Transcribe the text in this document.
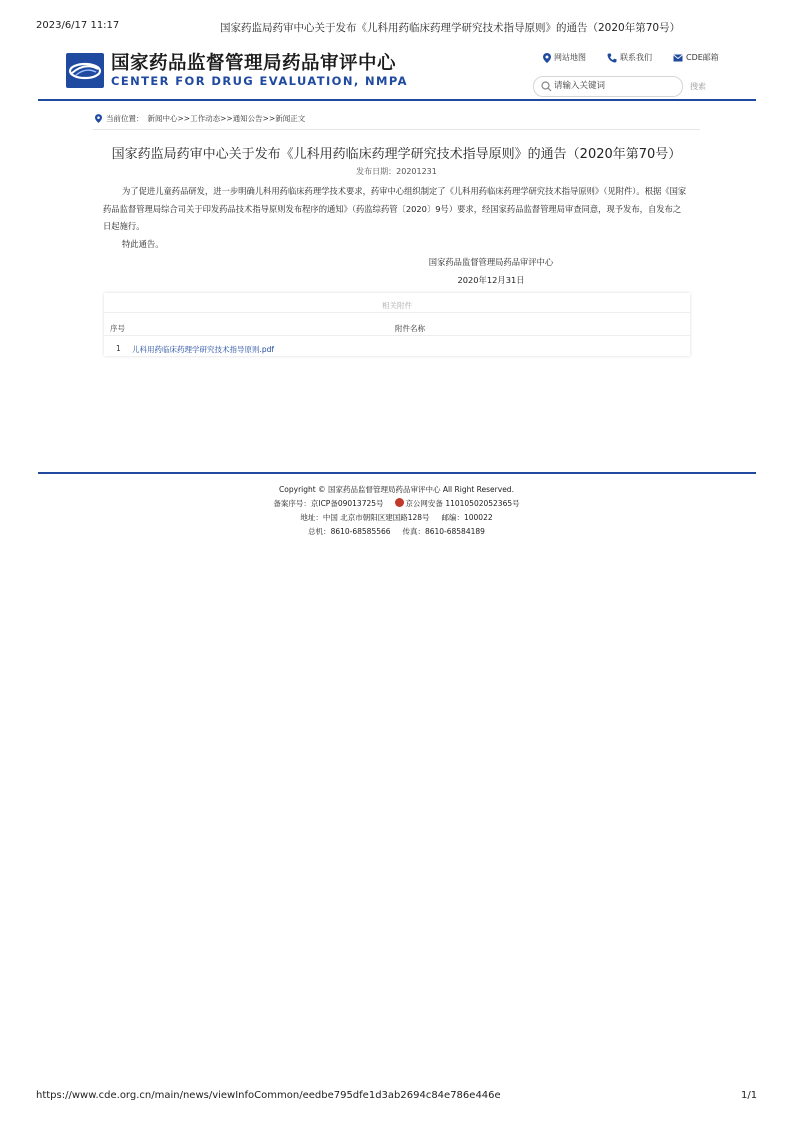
2023/6/17 11:17	国家药监局药审中心关于发布《儿科用药临床药理学研究技术指导原则》的通告（2020年第70号）
国家药品监督管理局药品审评中心
CENTER FOR DRUG EVALUATION, NMPA
网站地图	联系我们	CDE邮箱
请输入关键词
搜索
当前位置： 新闻中心>>工作动态>>通知公告>>新闻正文
国家药监局药审中心关于发布《儿科用药临床药理学研究技术指导原则》的通告（2020年第70号）
发布日期：20201231

为了促进儿童药品研发，进一步明确儿科用药临床药理学技术要求，药审中心组织制定了《儿科用药临床药理学研究技术指导原则》（见附件）。根据《国家药品监督管理局综合司关于印发药品技术指导原则发布程序的通知》（药监综药管〔2020〕9号）要求，经国家药品监督管理局审查同意，现予发布，自发布之日起施行。

特此通告。

国家药品监督管理局药品审评中心
2020年12月31日
相关附件
序号	附件名称
1 儿科用药临床药理学研究技术指导原则.pdf
Copyright © 国家药品监督管理局药品审评中心 All Right Reserved.
备案序号：京ICP备09013725号	京公网安备 11010502052365号
地址：中国 北京市朝阳区建国路128号 邮编：100022
总机：8610-68585566 传真：8610-68584189
https://www.cde.org.cn/main/news/viewInfoCommon/eedbe795dfe1d3ab2694c84e786e446e	1/1
